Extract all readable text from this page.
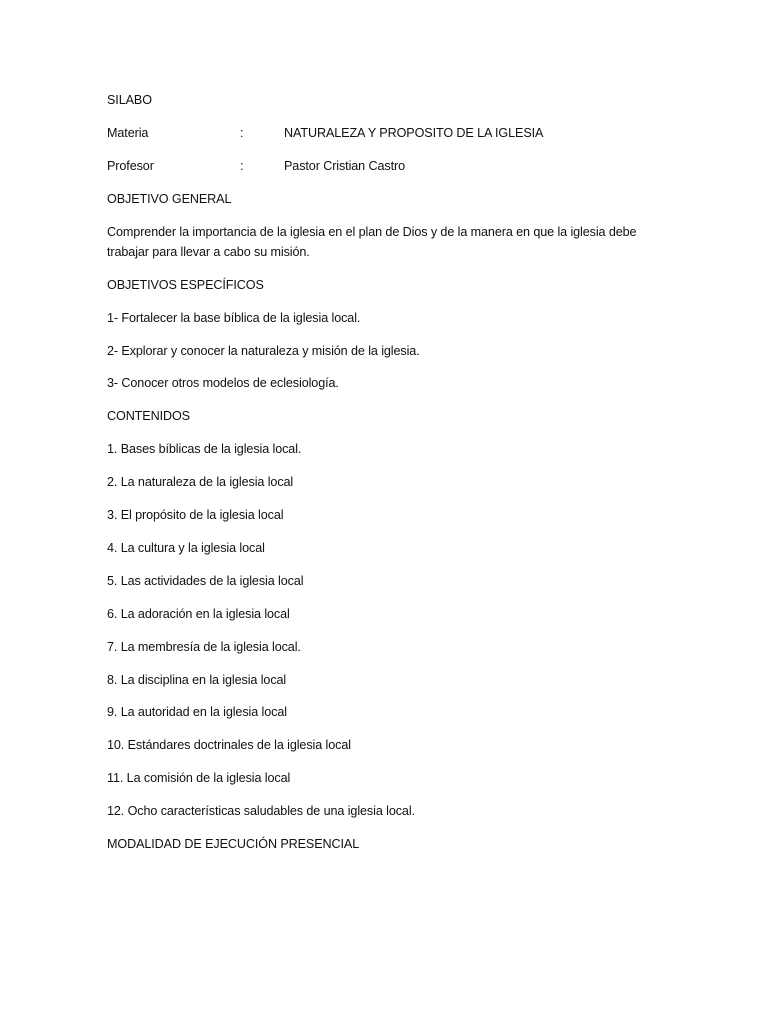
SILABO
Materia	:	NATURALEZA Y PROPOSITO DE LA IGLESIA
Profesor	:	Pastor Cristian Castro
OBJETIVO GENERAL
Comprender la importancia de la iglesia en el plan de Dios y de la manera en que la iglesia debe
trabajar para llevar a cabo su misión.
OBJETIVOS ESPECÍFICOS
1- Fortalecer la base bíblica de la iglesia local.
2- Explorar y conocer la naturaleza y misión de la iglesia.
3- Conocer otros modelos de eclesiología.
CONTENIDOS
1. Bases bíblicas de la iglesia local.
2. La naturaleza de la iglesia local
3. El propósito de la iglesia local
4. La cultura y la iglesia local
5. Las actividades de la iglesia local
6. La adoración en la iglesia local
7. La membresía de la iglesia local.
8. La disciplina en la iglesia local
9. La autoridad en la iglesia local
10. Estándares doctrinales de la iglesia local
11. La comisión de la iglesia local
12. Ocho características saludables de una iglesia local.
MODALIDAD DE EJECUCIÓN PRESENCIAL
